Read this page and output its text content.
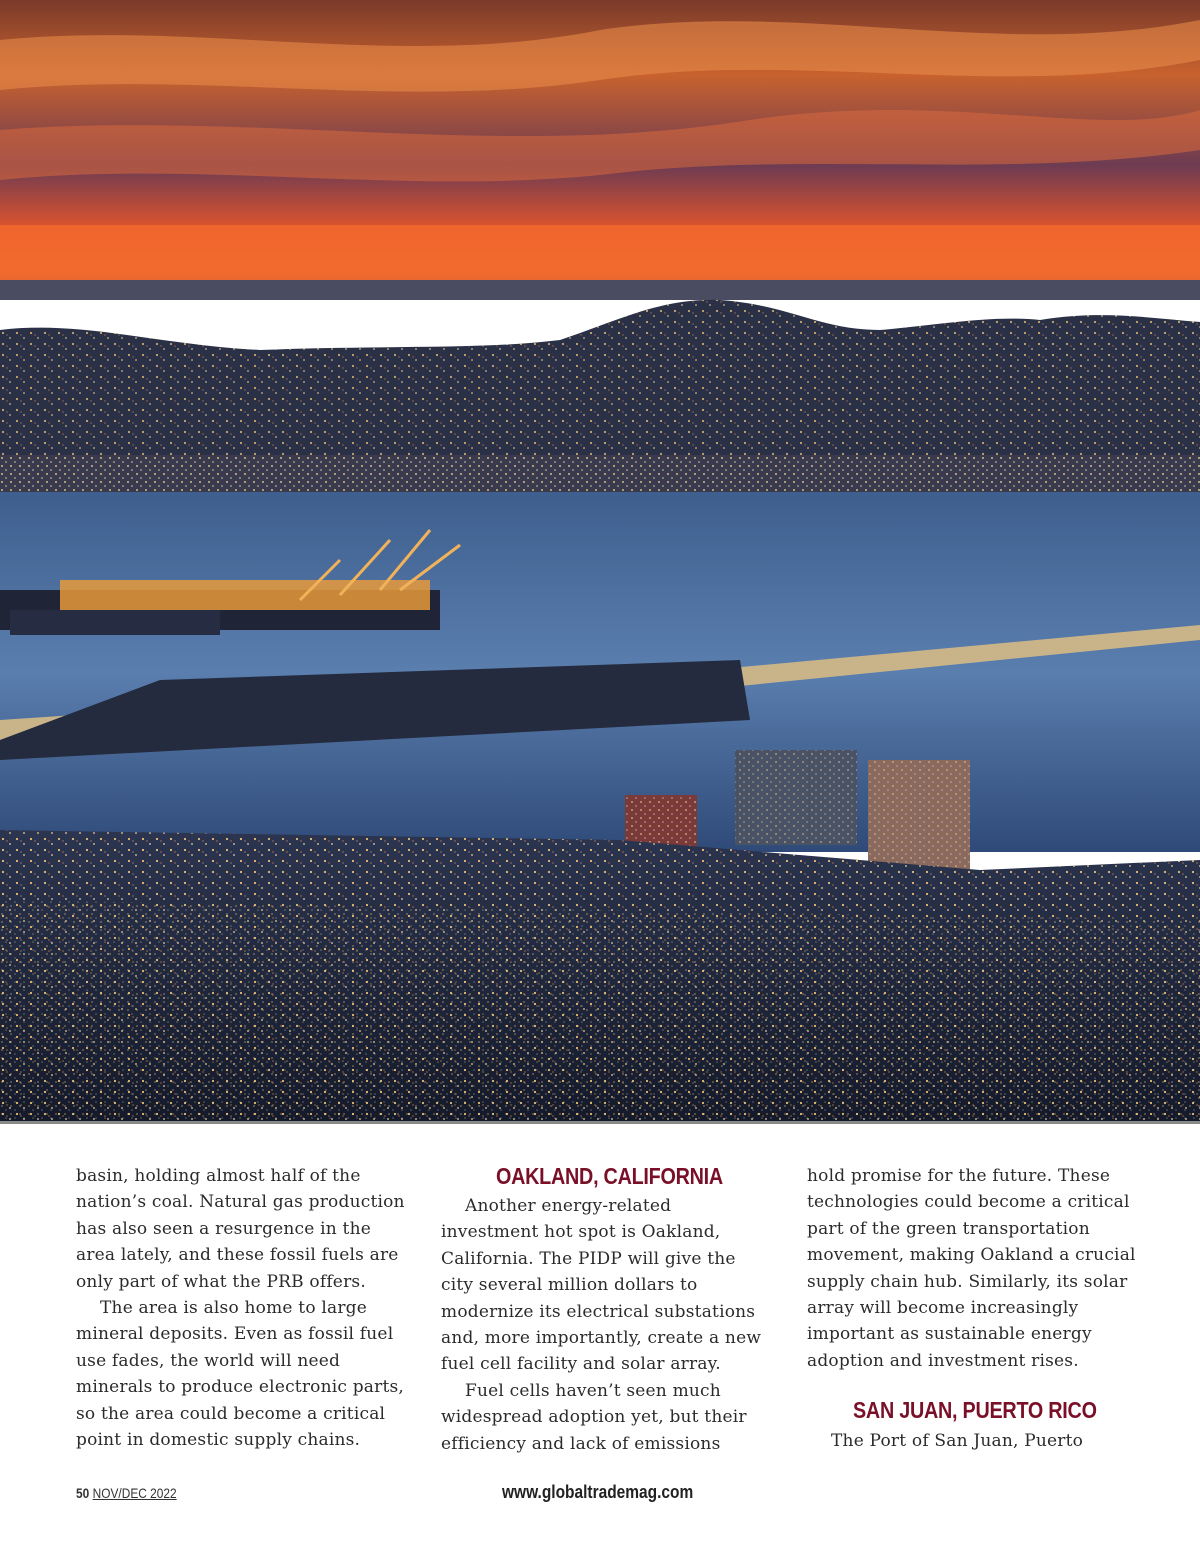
basin, holding almost half of the nation’s coal. Natural gas production has also seen a resurgence in the area lately, and these fossil fuels are only part of what the PRB offers.

The area is also home to large mineral deposits. Even as fossil fuel use fades, the world will need minerals to produce electronic parts, so the area could become a critical point in domestic supply chains.

OAKLAND, CALIFORNIA

Another energy-related investment hot spot is Oakland, California. The PIDP will give the city several million dollars to modernize its electrical substations and, more importantly, create a new fuel cell facility and solar array.

Fuel cells haven’t seen much widespread adoption yet, but their efficiency and lack of emissions

hold promise for the future. These technologies could become a critical part of the green transportation movement, making Oakland a crucial supply chain hub. Similarly, its solar array will become increasingly important as sustainable energy adoption and investment rises.

The Port of San Juan, Puerto

SAN JUAN, PUERTO RICO
50 NOV/DEC 2022	www.globaltrademag.com
